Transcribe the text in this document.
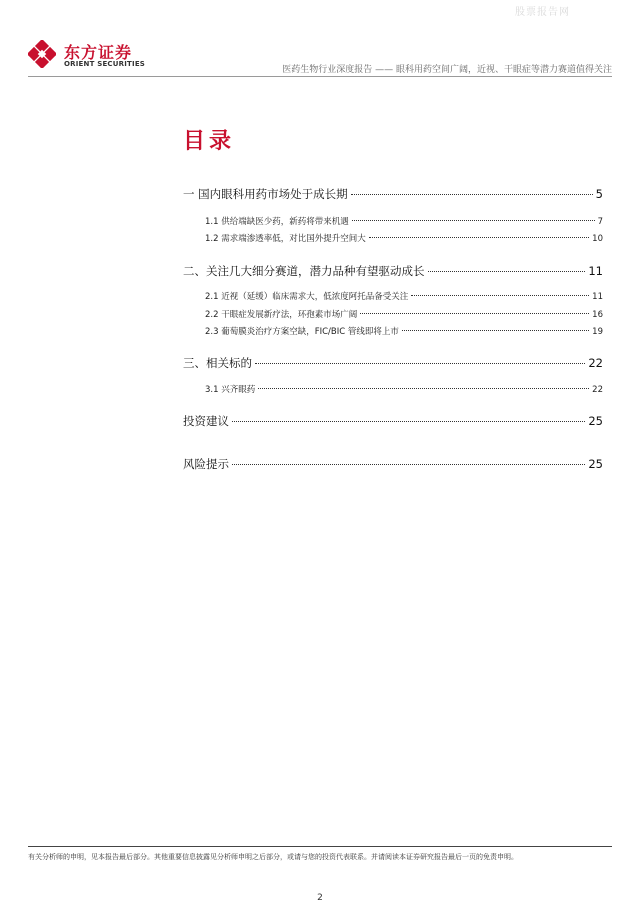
股票报告网
东方证券
ORIENT SECURITIES
医药生物行业深度报告 —— 眼科用药空间广阔，近视、干眼症等潜力赛道值得关注
目录
一 国内眼科用药市场处于成长期	5
1.1 供给端缺医少药，新药将带来机遇	7
1.2 需求端渗透率低，对比国外提升空间大	10
二、关注几大细分赛道，潜力品种有望驱动成长	11
2.1 近视（延缓）临床需求大，低浓度阿托品备受关注	11
2.2 干眼症发展新疗法，环孢素市场广阔	16
2.3 葡萄膜炎治疗方案空缺，FIC/BIC 管线即将上市	19
三、相关标的	22
3.1 兴齐眼药	22
投资建议	25
风险提示	25
有关分析师的申明，见本报告最后部分。其他重要信息披露见分析师申明之后部分，或请与您的投资代表联系。并请阅读本证券研究报告最后一页的免责申明。
2
